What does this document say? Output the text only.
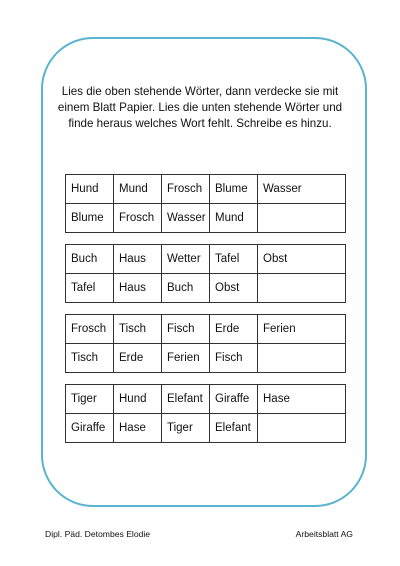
Lies die oben stehende Wörter, dann verdecke sie mit einem Blatt Papier. Lies die unten stehende Wörter und finde heraus welches Wort fehlt. Schreibe es hinzu.
Hund	Mund	Frosch	Blume	Wasser
Blume	Frosch	Wasser	Mund	
Buch	Haus	Wetter	Tafel	Obst
Tafel	Haus	Buch	Obst	
Frosch	Tisch	Fisch	Erde	Ferien
Tisch	Erde	Ferien	Fisch	
Tiger	Hund	Elefant	Giraffe	Hase
Giraffe	Hase	Tiger	Elefant	
Dipl. Päd. Detombes Elodie	Arbeitsblatt AG
